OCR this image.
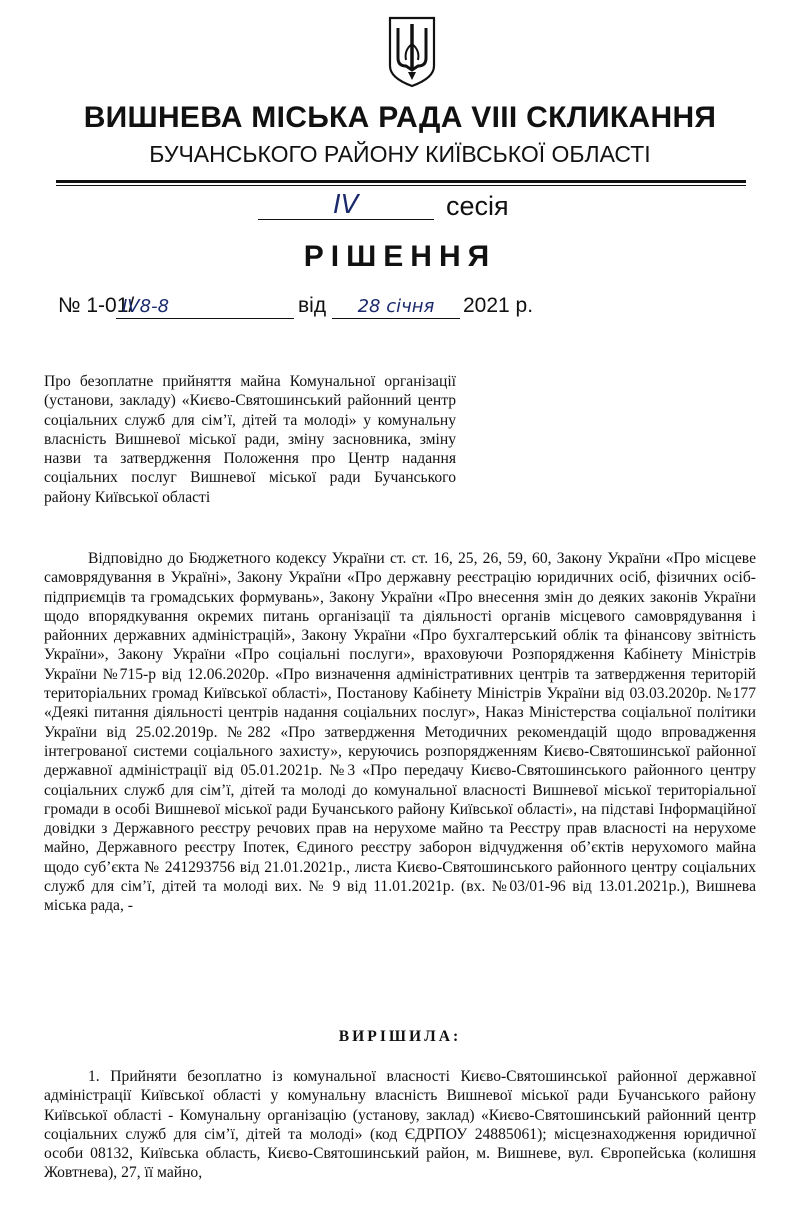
ВИШНЕВА МІСЬКА РАДА VIII СКЛИКАННЯ
БУЧАНСЬКОГО РАЙОНУ КИЇВСЬКОЇ ОБЛАСТІ
IV	сесія
РІШЕННЯ
№ 1-01/
IV8-8	від	28 січня	2021 р.

Про безоплатне прийняття майна Комунальної організації (установи, закладу) «Києво-Святошинський районний центр соціальних служб для сім’ї, дітей та молоді» у комунальну власність Вишневої міської ради, зміну засновника, зміну назви та затвердження Положення про Центр надання соціальних послуг Вишневої міської ради Бучанського району Київської області

Відповідно до Бюджетного кодексу України ст. ст. 16, 25, 26, 59, 60, Закону України «Про місцеве самоврядування в Україні», Закону України «Про державну реєстрацію юридичних осіб, фізичних осіб-підприємців та громадських формувань», Закону України «Про внесення змін до деяких законів України щодо впорядкування окремих питань організації та діяльності органів місцевого самоврядування і районних державних адміністрацій», Закону України «Про бухгалтерський облік та фінансову звітність України», Закону України «Про соціальні послуги», враховуючи Розпорядження Кабінету Міністрів України №715-р від 12.06.2020р. «Про визначення адміністративних центрів та затвердження територій територіальних громад Київської області», Постанову Кабінету Міністрів України від 03.03.2020р. №177 «Деякі питання діяльності центрів надання соціальних послуг», Наказ Міністерства соціальної політики України від 25.02.2019р. №282 «Про затвердження Методичних рекомендацій щодо впровадження інтегрованої системи соціального захисту», керуючись розпорядженням Києво-Святошинської районної державної адміністрації від 05.01.2021р. №3 «Про передачу Києво-Святошинського районного центру соціальних служб для сім’ї, дітей та молоді до комунальної власності Вишневої міської територіальної громади в особі Вишневої міської ради Бучанського району Київської області», на підставі Інформаційної довідки з Державного реєстру речових прав на нерухоме майно та Реєстру прав власності на нерухоме майно, Державного реєстру Іпотек, Єдиного реєстру заборон відчудження об’єктів нерухомого майна щодо суб’єкта № 241293756 від 21.01.2021р., листа Києво-Святошинського районного центру соціальних служб для сім’ї, дітей та молоді вих. № 9 від 11.01.2021р. (вх. №03/01-96 від 13.01.2021р.), Вишнева міська рада, -

ВИРІШИЛА:

1. Прийняти безоплатно із комунальної власності Києво-Святошинської районної державної адміністрації Київської області у комунальну власність Вишневої міської ради Бучанського району Київської області - Комунальну організацію (установу, заклад) «Києво-Святошинський районний центр соціальних служб для сім’ї, дітей та молоді» (код ЄДРПОУ 24885061); місцезнаходження юридичної особи 08132, Київська область, Києво-Святошинський район, м. Вишневе, вул. Європейська (колишня Жовтнева), 27, її майно,
